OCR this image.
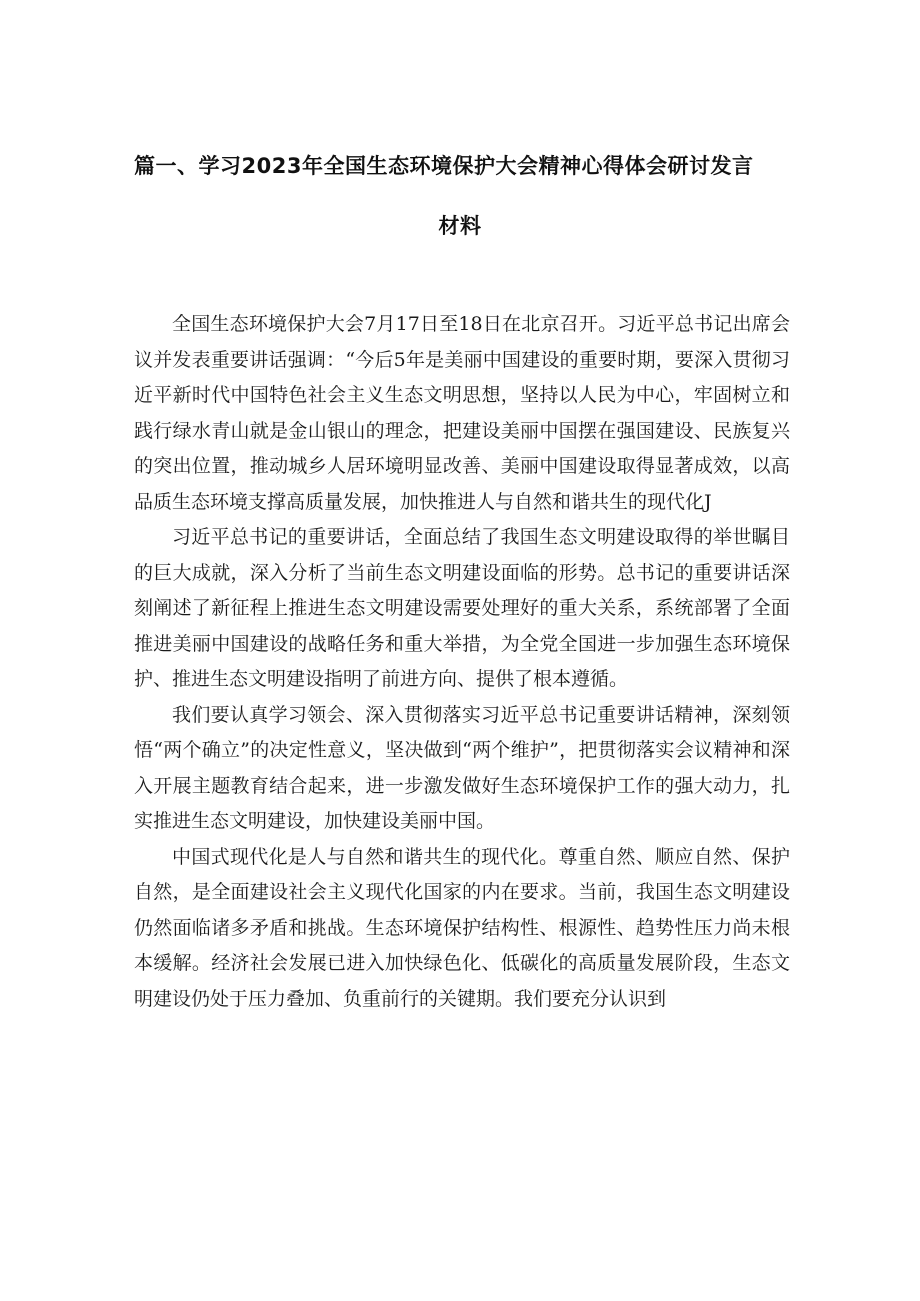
篇一、学习2023年全国生态环境保护大会精神心得体会研讨发言
材料

全国生态环境保护大会7月17日至18日在北京召开。习近平总书记出席会议并发表重要讲话强调：“今后5年是美丽中国建设的重要时期，要深入贯彻习近平新时代中国特色社会主义生态文明思想，坚持以人民为中心，牢固树立和践行绿水青山就是金山银山的理念，把建设美丽中国摆在强国建设、民族复兴的突出位置，推动城乡人居环境明显改善、美丽中国建设取得显著成效，以高品质生态环境支撑高质量发展，加快推进人与自然和谐共生的现代化J

习近平总书记的重要讲话，全面总结了我国生态文明建设取得的举世瞩目的巨大成就，深入分析了当前生态文明建设面临的形势。总书记的重要讲话深刻阐述了新征程上推进生态文明建设需要处理好的重大关系，系统部署了全面推进美丽中国建设的战略任务和重大举措，为全党全国进一步加强生态环境保护、推进生态文明建设指明了前进方向、提供了根本遵循。

我们要认真学习领会、深入贯彻落实习近平总书记重要讲话精神，深刻领悟“两个确立”的决定性意义，坚决做到“两个维护”，把贯彻落实会议精神和深入开展主题教育结合起来，进一步激发做好生态环境保护工作的强大动力，扎实推进生态文明建设，加快建设美丽中国。

中国式现代化是人与自然和谐共生的现代化。尊重自然、顺应自然、保护自然，是全面建设社会主义现代化国家的内在要求。当前，我国生态文明建设仍然面临诸多矛盾和挑战。生态环境保护结构性、根源性、趋势性压力尚未根本缓解。经济社会发展已进入加快绿色化、低碳化的高质量发展阶段，生态文明建设仍处于压力叠加、负重前行的关键期。我们要充分认识到
